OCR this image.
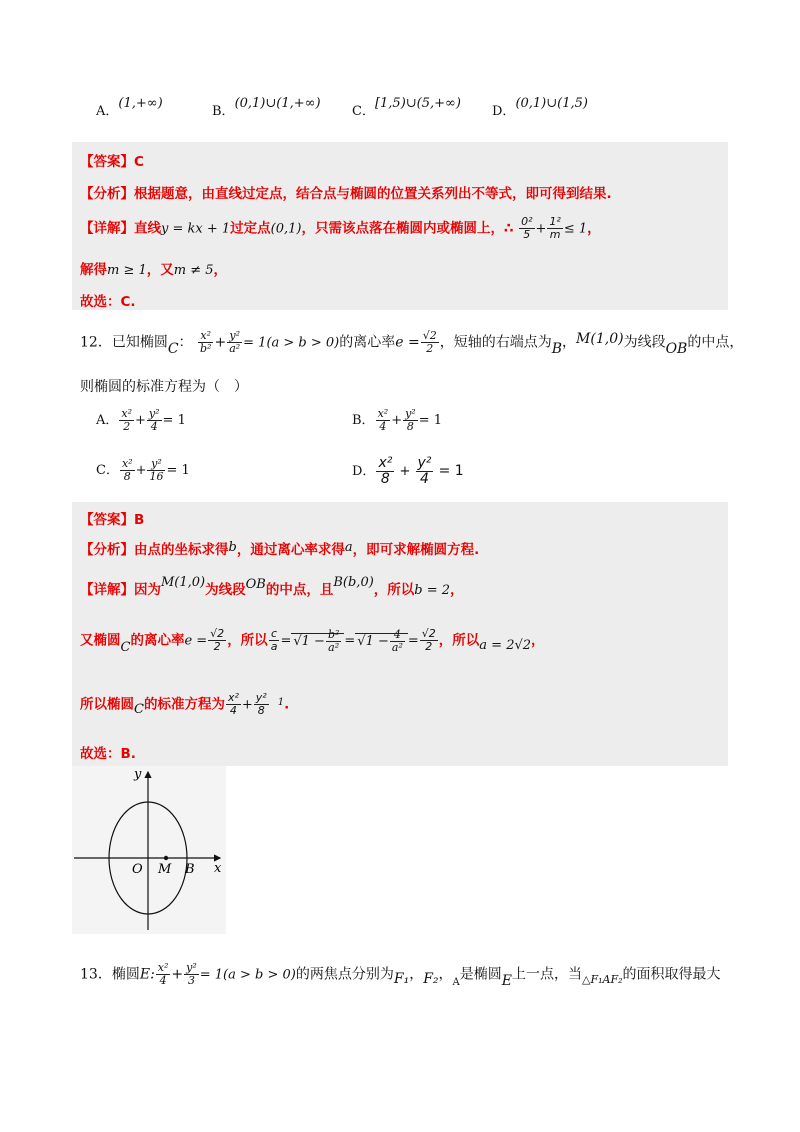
A．(1,+∞)
B．(0,1)∪(1,+∞)
C．[1,5)∪(5,+∞)
D．(0,1)∪(1,5)
【答案】C
【分析】根据题意，由直线过定点，结合点与椭圆的位置关系列出不等式，即可得到结果.
【详解】直线y = kx + 1过定点(0,1)，只需该点落在椭圆内或椭圆上，∴ $\frac{\text{0²}}{5} + \frac{\text{1²}}{m} \le 1$，
解得m ≥ 1，又m ≠ 5，
故选：C.
12．已知椭圆C： $\frac{\text{x²}}{\text{b²}} + \frac{\text{y²}}{\text{a²}} = 1(a > b > 0)$的离心率$e = \frac{√2}{2}$ ，短轴的右端点为B，M(1,0)为线段OB的中点，
则椭圆的标准方程为（　）
A． $\frac{\text{x²}}{2} + \frac{\text{y²}}{4} = 1$	B． $\frac{\text{x²}}{4} + \frac{\text{y²}}{8} = 1$
C． $\frac{\text{x²}}{8} + \frac{\text{y²}}{16} = 1$	D． $\frac{\text{x²}}{8} + \frac{\text{y²}}{4} = 1$
【答案】B
【分析】由点的坐标求得b，通过离心率求得a，即可求解椭圆方程.
【详解】因为M(1,0)为线段OB的中点，且B(b,0)，所以b = 2，
又椭圆C的离心率$e = \frac{√2}{2}$ ，所以 $\frac{c}{a} = √1 - \frac{\text{b²}}{\text{a²}} = √1 - \frac{4}{\text{a²}} = \frac{√2}{2}$ ，所以a = 2√2，
所以椭圆C的标准方程为 $\frac{\text{x²}}{4} + \frac{\text{y²}}{8} ^1$.
故选：B.
y
x
O M B
13．椭圆E: $\frac{\text{x²}}{4} + \frac{\text{y²}}{3} = 1(a > b > 0)$的两焦点分别为F₁，F₂，$_A$是椭圆E上一点，当$_{\triangle F_1AF_2}$的面积取得最大
